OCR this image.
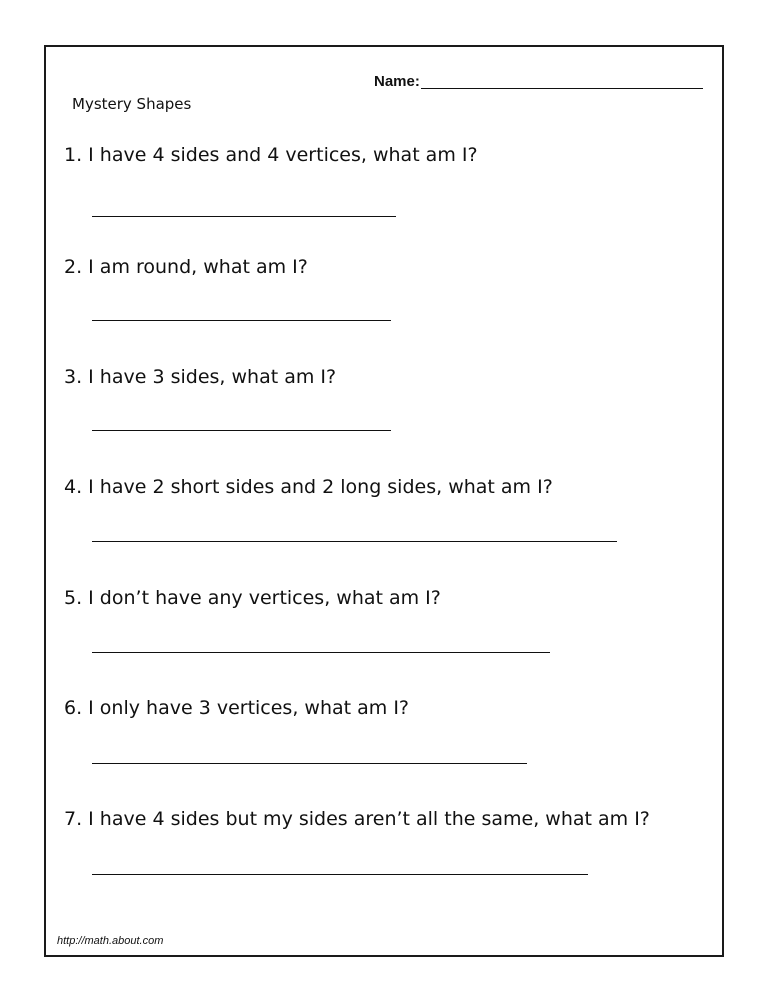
Name:
Mystery Shapes
1. I have 4 sides and 4 vertices, what am I?
2. I am round, what am I?
3. I have 3 sides, what am I?
4. I have 2 short sides and 2 long sides, what am I?
5. I don’t have any vertices, what am I?
6. I only have 3 vertices, what am I?
7. I have 4 sides but my sides aren’t all the same, what am I?
http://math.about.com
